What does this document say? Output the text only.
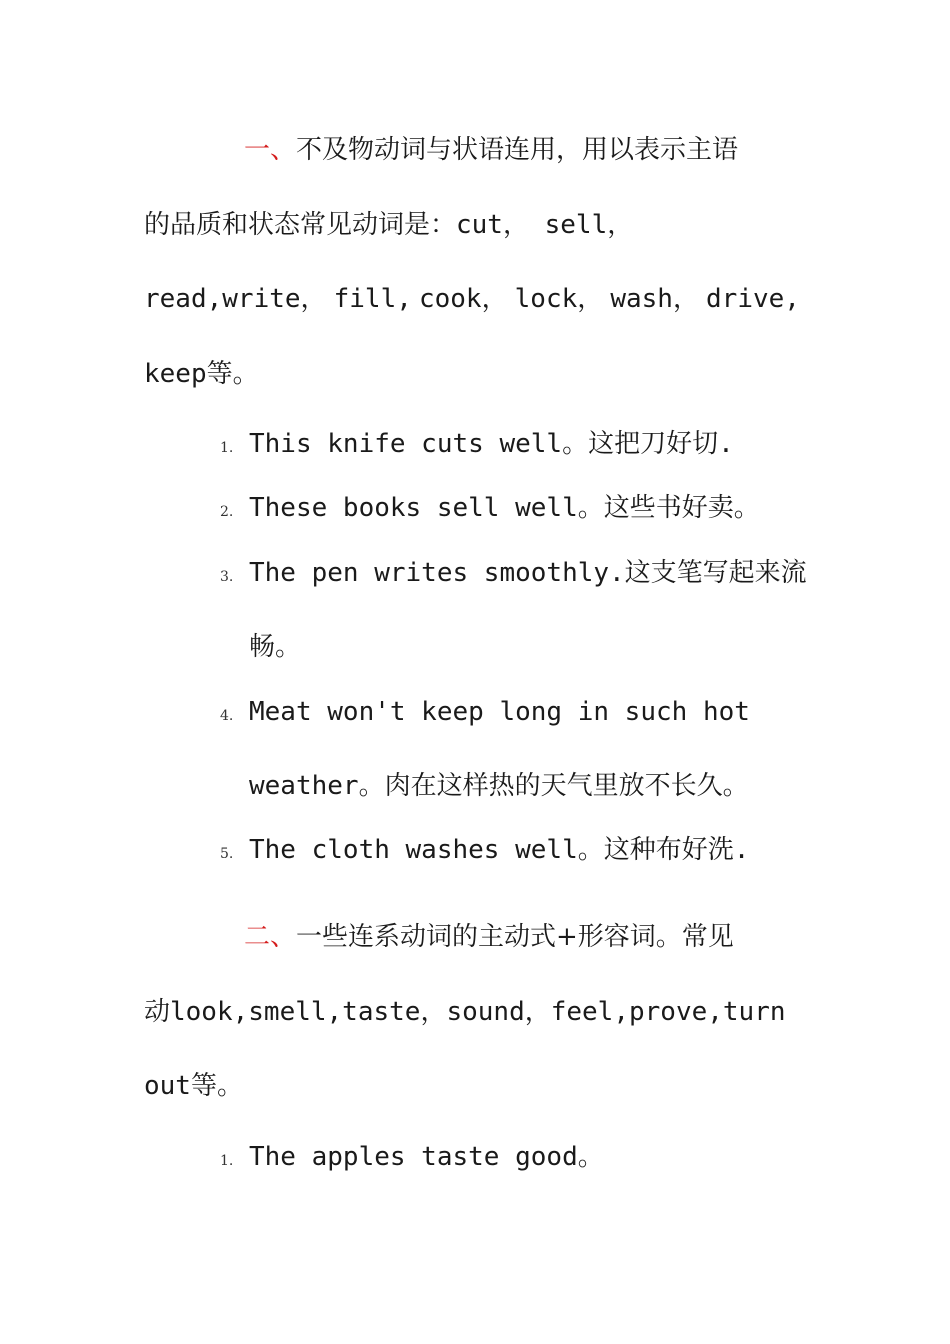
一、不及物动词与状语连用，用以表示主语
的品质和状态常见动词是：cut， sell，
read,write， fill, cook， lock， wash， drive,
keep等。
1. This knife cuts well。这把刀好切.
2. These books sell well。这些书好卖。
3. The pen writes smoothly.这支笔写起来流
畅。
4. Meat won't keep long in such hot
weather。肉在这样热的天气里放不长久。
5. The cloth washes well。这种布好洗.
二、一些连系动词的主动式+形容词。常见
动look,smell,taste，sound，feel,prove,turn
out等。
1. The apples taste good。
